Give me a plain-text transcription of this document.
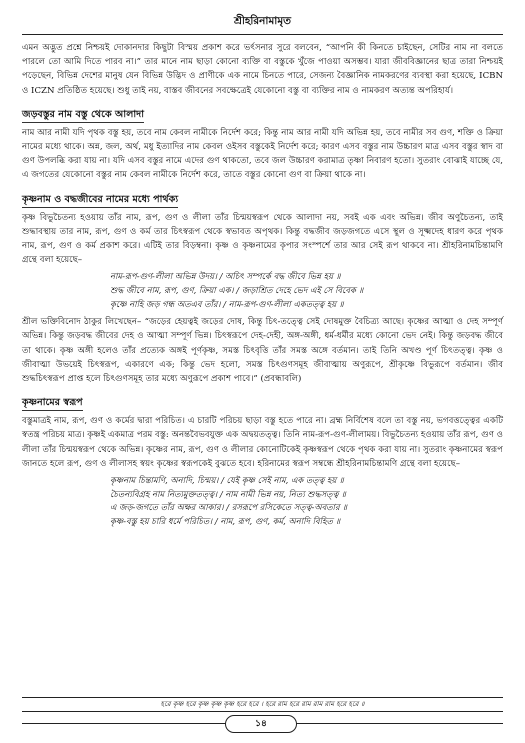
শ্রীহরিনামামৃত

এমন অদ্ভুত প্রশ্নে নিশ্চয়ই দোকানদার কিছুটা বিস্ময় প্রকাশ করে ভর্ৎসনার সুরে বলবেন, “আপনি কী কিনতে চাইছেন, সেটির নাম না বলতে পারলে তো আমি দিতে পারব না।” তার মানে নাম ছাড়া কোনো ব্যক্তি বা বস্তুকে খুঁজে পাওয়া অসম্ভব। যারা জীববিজ্ঞানের ছাত্র তারা নিশ্চয়ই পড়েছেন, বিভিন্ন দেশের মানুষ যেন বিভিন্ন উদ্ভিদ ও প্রাণীকে এক নামে চিনতে পারে, সেজন্য বৈজ্ঞানিক নামকরণের ব্যবস্থা করা হয়েছে, ICBN ও ICZN প্রতিষ্ঠিত হয়েছে। শুধু তাই নয়, বাস্তব জীবনের সবক্ষেত্রেই যেকোনো বস্তু বা ব্যক্তির নাম ও নামকরণ অত্যন্ত অপরিহার্য।

জড়বস্তুর নাম বস্তু থেকে আলাদা

নাম আর নামী যদি পৃথক বস্তু হয়, তবে নাম কেবল নামীকে নির্দেশ করে; কিন্তু নাম আর নামী যদি অভিন্ন হয়, তবে নামীর সব গুণ, শক্তি ও ক্রিয়া নামের মধ্যে থাকে। অন্ন, জল, অর্থ, মধু ইত্যাদির নাম কেবল ওইসব বস্তুকেই নির্দেশ করে; কারণ এসব বস্তুর নাম উচ্চারণ মাত্র এসব বস্তুর স্বাদ বা গুণ উপলব্ধি করা যায় না। যদি এসব বস্তুর নামে এদের গুণ থাকতো, তবে জল উচ্চারণ করামাত্র তৃষ্ণা নিবারণ হতো। সুতরাং বোঝাই যাচ্ছে যে, এ জগতের যেকোনো বস্তুর নাম কেবল নামীকে নির্দেশ করে, তাতে বস্তুর কোনো গুণ বা ক্রিয়া থাকে না।

কৃষ্ণনাম ও বদ্ধজীবের নামের মধ্যে পার্থক্য

কৃষ্ণ বিভুচৈতন্য হওয়ায় তাঁর নাম, রূপ, গুণ ও লীলা তাঁর চিন্ময়স্বরূপ থেকে আলাদা নয়, সবই এক এবং অভিন্ন। জীব অণুচৈতন্য, তাই শুদ্ধাবস্থায় তার নাম, রূপ, গুণ ও কর্ম তার চিৎস্বরূপ থেকে স্বভাবত অপৃথক। কিন্তু বদ্ধজীব জড়জগতে এসে স্থূল ও সূক্ষ্মদেহ ধারণ করে পৃথক নাম, রূপ, গুণ ও কর্ম প্রকাশ করে। এটিই তার বিড়ম্বনা। কৃষ্ণ ও কৃষ্ণনামের কৃপার সংস্পর্শে তার আর সেই রূপ থাকবে না। শ্রীহরিনামচিন্তামণি গ্রন্থে বলা হয়েছে–

নাম-রূপ-গুণ-লীলা অভিন্ন উদয়। / অচিৎ সম্পর্কে বদ্ধ জীবে ভিন্ন হয় ॥
শুদ্ধ জীবে নাম, রূপ, গুণ, ক্রিয়া এক। / জড়াশ্রিত দেহে ভেদ এই সে বিবেক ॥
কৃষ্ণে নাহি জড় গন্ধ অতএব তাঁর। / নাম-রূপ-গুণ-লীলা একতত্ত্ব হয় ॥

শ্রীল ভক্তিবিনোদ ঠাকুর লিখেছেন– “জড়ের হেয়ত্বই জড়ের দোষ, কিন্তু চিৎ-তত্ত্বে সেই দোষমুক্ত বৈচিত্র্য আছে। কৃষ্ণের আত্মা ও দেহ সম্পূর্ণ অভিন্ন। কিন্তু জড়বদ্ধ জীবের দেহ ও আত্মা সম্পূর্ণ ভিন্ন। চিৎস্বরূপে দেহ-দেহী, অঙ্গ-অঙ্গী, ধর্ম-ধর্মীর মধ্যে কোনো ভেদ নেই। কিন্তু জড়বদ্ধ জীবে তা থাকে। কৃষ্ণ অঙ্গী হলেও তাঁর প্রত্যেক অঙ্গই পূর্ণকৃষ্ণ, সমস্ত চিৎবৃত্তি তাঁর সমস্ত অঙ্গে বর্তমান। তাই তিনি অখণ্ড পূর্ণ চিৎতত্ত্ব। কৃষ্ণ ও জীবাত্মা উভয়েই চিৎস্বরূপ, একারণে এক; কিন্তু ভেদ হলো, সমস্ত চিৎগুণসমূহ জীবাত্মায় অণুরূপে, শ্রীকৃষ্ণে বিভুরূপে বর্তমান। জীব শুদ্ধচিৎস্বরূপ প্রাপ্ত হলে চিৎগুণসমূহ তার মধ্যে অণুরূপে প্রকাশ পাবে।” (প্রবন্ধাবলি)

কৃষ্ণনামের স্বরূপ

বস্তুমাত্রই নাম, রূপ, গুণ ও কর্মের দ্বারা পরিচিত। এ চারটি পরিচয় ছাড়া বস্তু হতে পারে না। ব্রহ্ম নির্বিশেষ বলে তা বস্তু নয়, ভগবত্তত্ত্বের একটি স্বতন্ত্র পরিচয় মাত্র। কৃষ্ণই একমাত্র পরম বস্তু: অনন্তবৈভবযুক্ত এক অদ্বয়তত্ত্ব। তিনি নাম-রূপ-গুণ-লীলাময়। বিভুচৈতন্য হওয়ায় তাঁর রূপ, গুণ ও লীলা তাঁর চিন্ময়স্বরূপ থেকে অভিন্ন। কৃষ্ণের নাম, রূপ, গুণ ও লীলার কোনোটিকেই কৃষ্ণস্বরূপ থেকে পৃথক করা যায় না। সুতরাং কৃষ্ণনামের স্বরূপ জানতে হলে রূপ, গুণ ও লীলাসহ স্বয়ং কৃষ্ণের স্বরূপকেই বুঝতে হবে। হরিনামের স্বরূপ সম্বন্ধে শ্রীহরিনামচিন্তামণি গ্রন্থে বলা হয়েছে–

কৃষ্ণনাম চিন্তামণি, অনাদি, চিন্ময়। / যেই কৃষ্ণ সেই নাম, এক তত্ত্ব হয় ॥
চৈতন্যবিগ্রহ নাম নিত্যমুক্ততত্ত্ব। / নাম নামী ভিন্ন নয়, নিত্য শুদ্ধসত্ত্ব ॥
এ জড়-জগতে তাঁর অক্ষর আকার। / রসরূপে রসিকেতে সত্ত্ব-অবতার ॥
কৃষ্ণ-বস্তু হয় চারি ধর্মে পরিচিত। / নাম, রূপ, গুণ, কর্ম, অনাদি বিহিত ॥
হরে কৃষ্ণ হরে কৃষ্ণ কৃষ্ণ কৃষ্ণ হরে হরে । হরে রাম হরে রাম রাম রাম হরে হরে ॥
১৪
